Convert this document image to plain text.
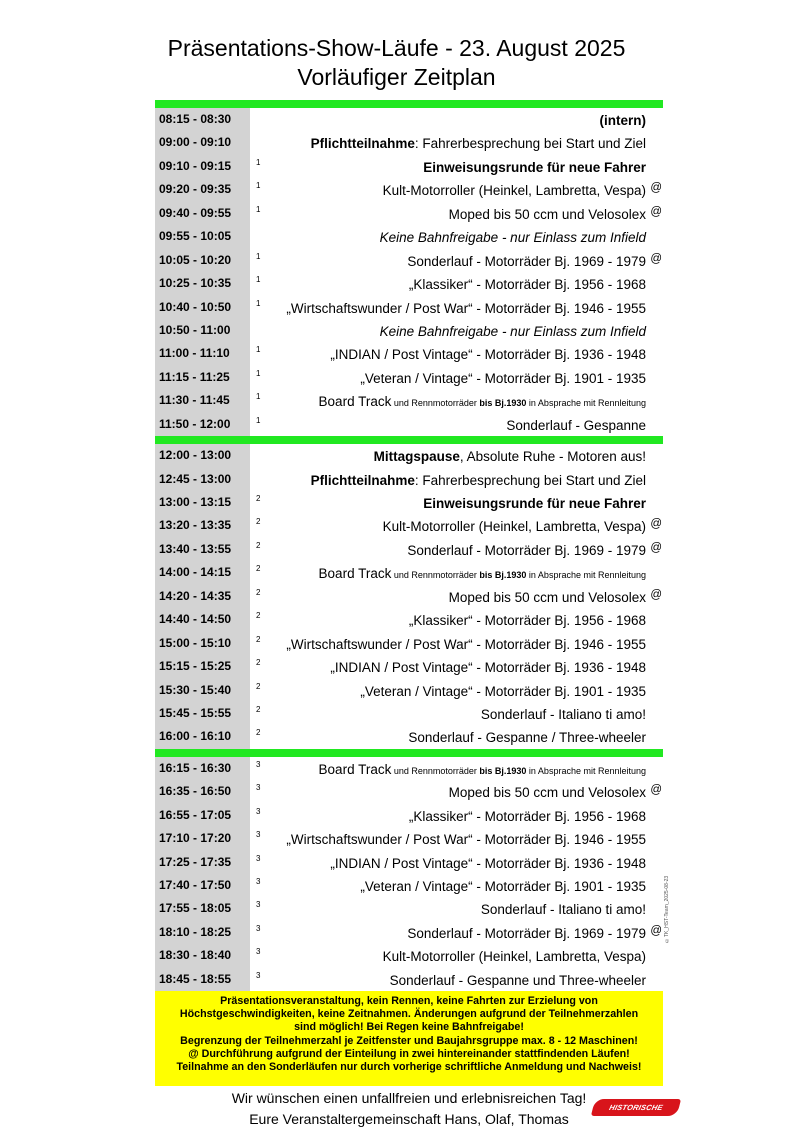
Präsentations-Show-Läufe - 23. August 2025
Vorläufiger Zeitplan
08:15 - 08:30	(intern)
09:00 - 09:10	Pflichtteilnahme: Fahrerbesprechung bei Start und Ziel
09:10 - 09:15	1	Einweisungsrunde für neue Fahrer
09:20 - 09:35	1	Kult-Motorroller (Heinkel, Lambretta, Vespa) @
09:40 - 09:55	1	Moped bis 50 ccm und Velosolex @
09:55 - 10:05	Keine Bahnfreigabe - nur Einlass zum Infield
10:05 - 10:20	1	Sonderlauf - Motorräder Bj. 1969 - 1979 @
10:25 - 10:35	1	„Klassiker“ - Motorräder Bj. 1956 - 1968
10:40 - 10:50	1	„Wirtschaftswunder / Post War“ - Motorräder Bj. 1946 - 1955
10:50 - 11:00	Keine Bahnfreigabe - nur Einlass zum Infield
11:00 - 11:10	1	„INDIAN / Post Vintage“ - Motorräder Bj. 1936 - 1948
11:15 - 11:25	1	„Veteran / Vintage“ - Motorräder Bj. 1901 - 1935
11:30 - 11:45	1	Board Track und Rennmotorräder bis Bj.1930 in Absprache mit Rennleitung
11:50 - 12:00	1	Sonderlauf - Gespanne
12:00 - 13:00	Mittagspause, Absolute Ruhe - Motoren aus!
12:45 - 13:00	Pflichtteilnahme: Fahrerbesprechung bei Start und Ziel
13:00 - 13:15	2	Einweisungsrunde für neue Fahrer
13:20 - 13:35	2	Kult-Motorroller (Heinkel, Lambretta, Vespa) @
13:40 - 13:55	2	Sonderlauf - Motorräder Bj. 1969 - 1979 @
14:00 - 14:15	2	Board Track und Rennmotorräder bis Bj.1930 in Absprache mit Rennleitung
14:20 - 14:35	2	Moped bis 50 ccm und Velosolex @
14:40 - 14:50	2	„Klassiker“ - Motorräder Bj. 1956 - 1968
15:00 - 15:10	2	„Wirtschaftswunder / Post War“ - Motorräder Bj. 1946 - 1955
15:15 - 15:25	2	„INDIAN / Post Vintage“ - Motorräder Bj. 1936 - 1948
15:30 - 15:40	2	„Veteran / Vintage“ - Motorräder Bj. 1901 - 1935
15:45 - 15:55	2	Sonderlauf - Italiano ti amo!
16:00 - 16:10	2	Sonderlauf - Gespanne / Three-wheeler
16:15 - 16:30	3	Board Track und Rennmotorräder bis Bj.1930 in Absprache mit Rennleitung
16:35 - 16:50	3	Moped bis 50 ccm und Velosolex @
16:55 - 17:05	3	„Klassiker“ - Motorräder Bj. 1956 - 1968
17:10 - 17:20	3	„Wirtschaftswunder / Post War“ - Motorräder Bj. 1946 - 1955
17:25 - 17:35	3	„INDIAN / Post Vintage“ - Motorräder Bj. 1936 - 1948
17:40 - 17:50	3	„Veteran / Vintage“ - Motorräder Bj. 1901 - 1935
17:55 - 18:05	3	Sonderlauf - Italiano ti amo!
18:10 - 18:25	3	Sonderlauf - Motorräder Bj. 1969 - 1979 @
18:30 - 18:40	3	Kult-Motorroller (Heinkel, Lambretta, Vespa)
18:45 - 18:55	3	Sonderlauf - Gespanne und Three-wheeler
Präsentationsveranstaltung, kein Rennen, keine Fahrten zur Erzielung von
Höchstgeschwindigkeiten, keine Zeitnahmen. Änderungen aufgrund der Teilnehmerzahlen
sind möglich! Bei Regen keine Bahnfreigabe!
Begrenzung der Teilnehmerzahl je Zeitfenster und Baujahrsgruppe max. 8 - 12 Maschinen!
@ Durchführung aufgrund der Einteilung in zwei hintereinander stattfindenden Läufen!
Teilnahme an den Sonderläufen nur durch vorherige schriftliche Anmeldung und Nachweis!
Wir wünschen einen unfallfreien und erlebnisreichen Tag!
Eure Veranstaltergemeinschaft Hans, Olaf, Thomas
©TK_HST-Team_2025-08-23
HISTORISCHE RENNSPORT
